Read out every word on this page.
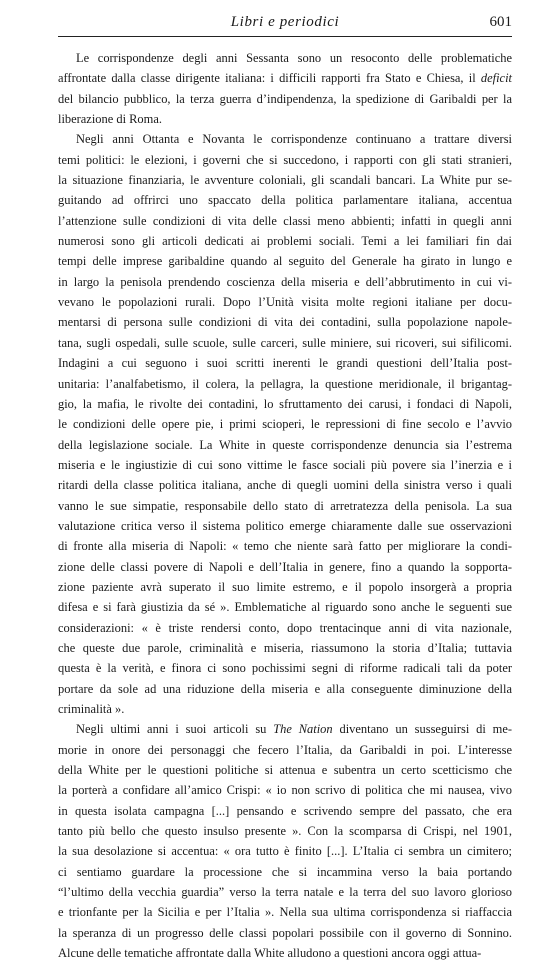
Libri e periodici	601

Le corrispondenze degli anni Sessanta sono un resoconto delle problematiche
affrontate dalla classe dirigente italiana: i difficili rapporti fra Stato e Chiesa, il deficit
del bilancio pubblico, la terza guerra d’indipendenza, la spedizione di Garibaldi per la
liberazione di Roma.

Negli anni Ottanta e Novanta le corrispondenze continuano a trattare diversi
temi politici: le elezioni, i governi che si succedono, i rapporti con gli stati stranieri,
la situazione finanziaria, le avventure coloniali, gli scandali bancari. La White pur se-
guitando ad offrirci uno spaccato della politica parlamentare italiana, accentua
l’attenzione sulle condizioni di vita delle classi meno abbienti; infatti in quegli anni
numerosi sono gli articoli dedicati ai problemi sociali. Temi a lei familiari fin dai
tempi delle imprese garibaldine quando al seguito del Generale ha girato in lungo e
in largo la penisola prendendo coscienza della miseria e dell’abbrutimento in cui vi-
vevano le popolazioni rurali. Dopo l’Unità visita molte regioni italiane per docu-
mentarsi di persona sulle condizioni di vita dei contadini, sulla popolazione napole-
tana, sugli ospedali, sulle scuole, sulle carceri, sulle miniere, sui ricoveri, sui sifilicomi.
Indagini a cui seguono i suoi scritti inerenti le grandi questioni dell’Italia post-
unitaria: l’analfabetismo, il colera, la pellagra, la questione meridionale, il brigantag-
gio, la mafia, le rivolte dei contadini, lo sfruttamento dei carusi, i fondaci di Napoli,
le condizioni delle opere pie, i primi scioperi, le repressioni di fine secolo e l’avvio
della legislazione sociale. La White in queste corrispondenze denuncia sia l’estrema
miseria e le ingiustizie di cui sono vittime le fasce sociali più povere sia l’inerzia e i
ritardi della classe politica italiana, anche di quegli uomini della sinistra verso i quali
vanno le sue simpatie, responsabile dello stato di arretratezza della penisola. La sua
valutazione critica verso il sistema politico emerge chiaramente dalle sue osservazioni
di fronte alla miseria di Napoli: « temo che niente sarà fatto per migliorare la condi-
zione delle classi povere di Napoli e dell’Italia in genere, fino a quando la sopporta-
zione paziente avrà superato il suo limite estremo, e il popolo insorgerà a propria
difesa e si farà giustizia da sé ». Emblematiche al riguardo sono anche le seguenti sue
considerazioni: « è triste rendersi conto, dopo trentacinque anni di vita nazionale,
che queste due parole, criminalità e miseria, riassumono la storia d’Italia; tuttavia
questa è la verità, e finora ci sono pochissimi segni di riforme radicali tali da poter
portare da sole ad una riduzione della miseria e alla conseguente diminuzione della
criminalità ».

Negli ultimi anni i suoi articoli su The Nation diventano un susseguirsi di me-
morie in onore dei personaggi che fecero l’Italia, da Garibaldi in poi. L’interesse
della White per le questioni politiche si attenua e subentra un certo scetticismo che
la porterà a confidare all’amico Crispi: « io non scrivo di politica che mi nausea, vivo
in questa isolata campagna [...] pensando e scrivendo sempre del passato, che era
tanto più bello che questo insulso presente ». Con la scomparsa di Crispi, nel 1901,
la sua desolazione si accentua: « ora tutto è finito [...]. L’Italia ci sembra un cimitero;
ci sentiamo guardare la processione che si incammina verso la baia portando
“l’ultimo della vecchia guardia” verso la terra natale e la terra del suo lavoro glorioso
e trionfante per la Sicilia e per l’Italia ». Nella sua ultima corrispondenza si riaffaccia
la speranza di un progresso delle classi popolari possibile con il governo di Sonnino.
Alcune delle tematiche affrontate dalla White alludono a questioni ancora oggi attua-
